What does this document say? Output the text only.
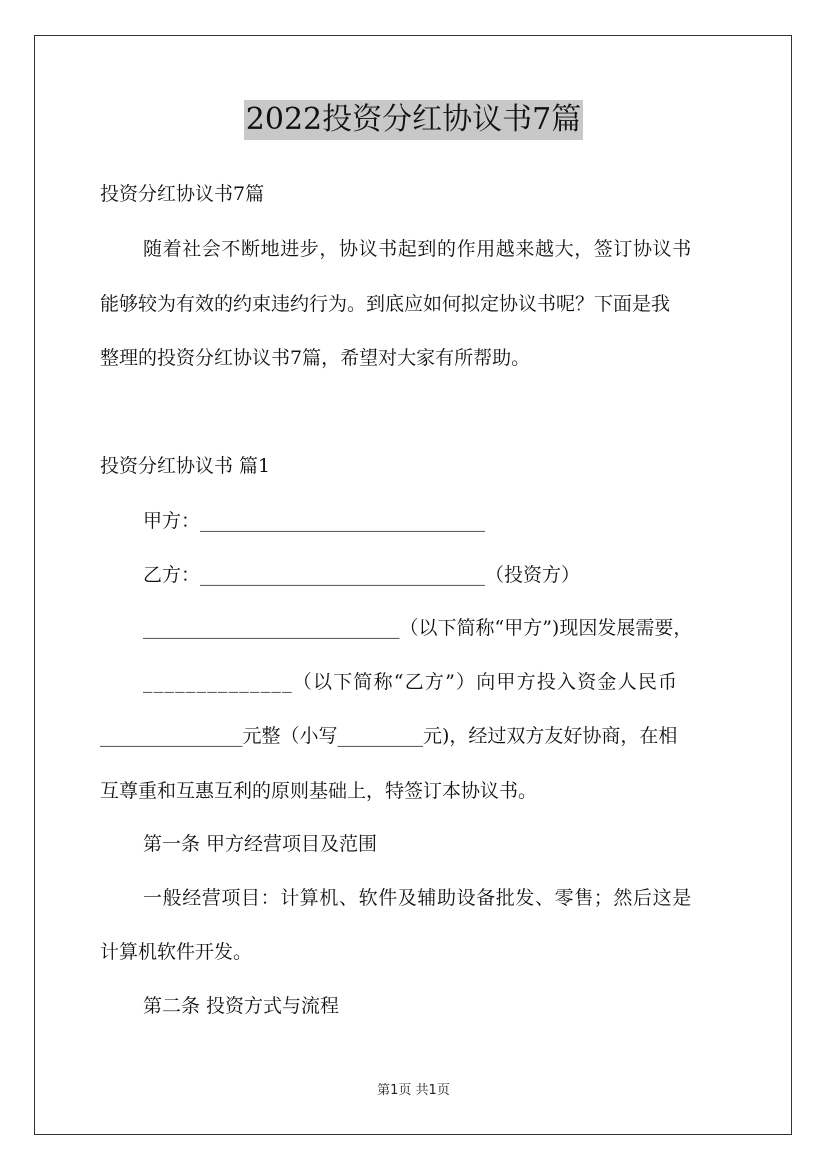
2022投资分红协议书7篇
投资分红协议书7篇
随着社会不断地进步，协议书起到的作用越来越大，签订协议书
能够较为有效的约束违约行为。到底应如何拟定协议书呢？下面是我
整理的投资分红协议书7篇，希望对大家有所帮助。
投资分红协议书 篇1
甲方：______________________________
乙方：______________________________（投资方）
___________________________（以下简称“甲方”)现因发展需要，
______________（以下简称“乙方”）向甲方投入资金人民币
_______________元整（小写_________元)，经过双方友好协商，在相
互尊重和互惠互利的原则基础上，特签订本协议书。
第一条 甲方经营项目及范围
一般经营项目：计算机、软件及辅助设备批发、零售；然后这是
计算机软件开发。
第二条 投资方式与流程
第1页 共1页
